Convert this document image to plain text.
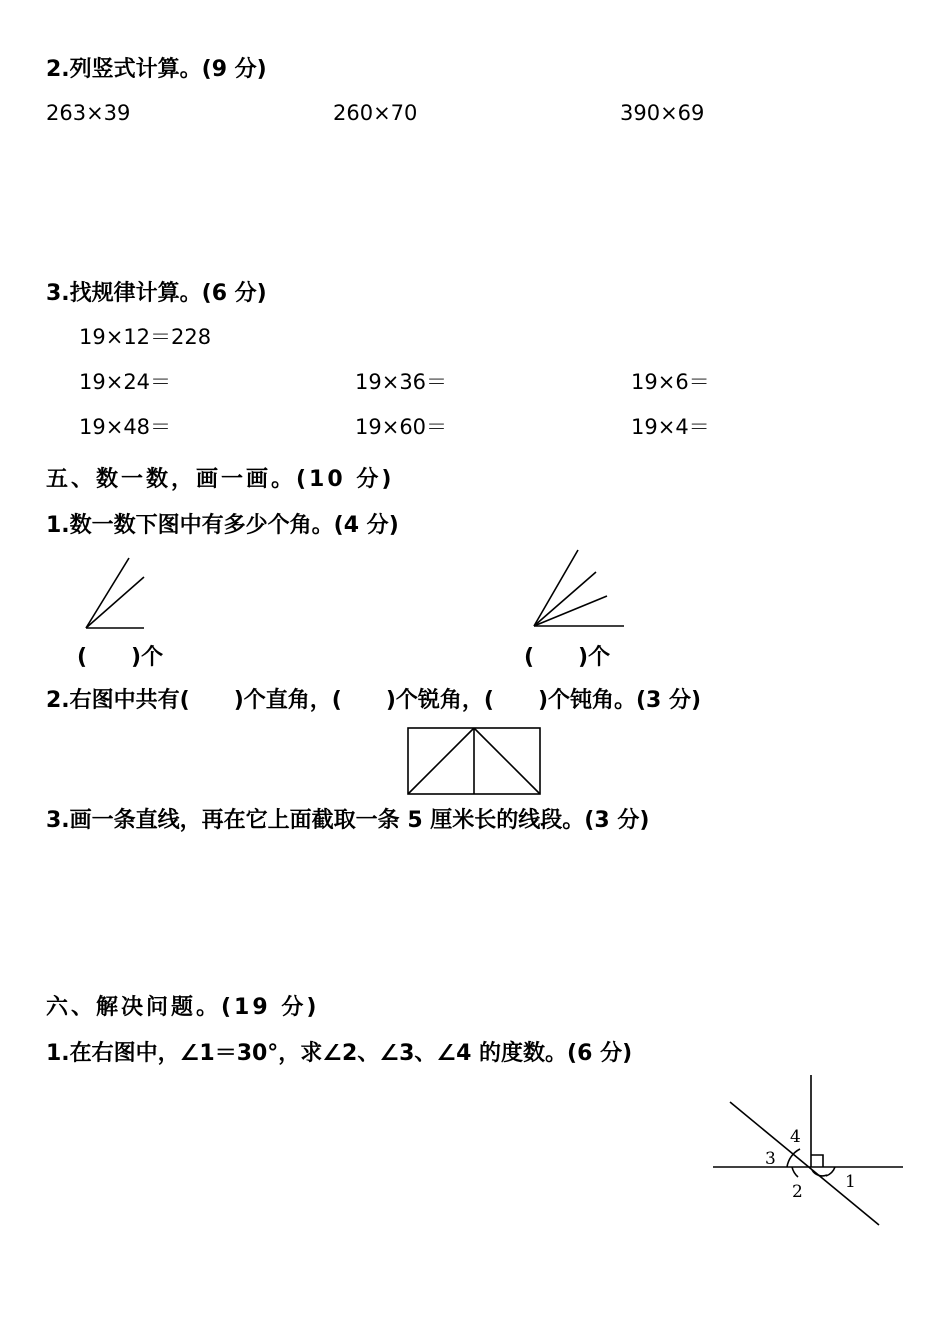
2.列竖式计算。(9 分)
263×39	260×70	390×69
3.找规律计算。(6 分)
19×12＝228
19×24＝	19×36＝	19×6＝
19×48＝	19×60＝	19×4＝
五、数一数，画一画。(10 分)
1.数一数下图中有多少个角。(4 分)
(　　)个	(　　)个
2.右图中共有(　　)个直角，(　　)个锐角，(　　)个钝角。(3 分)
3.画一条直线，再在它上面截取一条 5 厘米长的线段。(3 分)
六、解决问题。(19 分)
1.在右图中，∠1＝30°，求∠2、∠3、∠4 的度数。(6 分)
4
3
2 1
